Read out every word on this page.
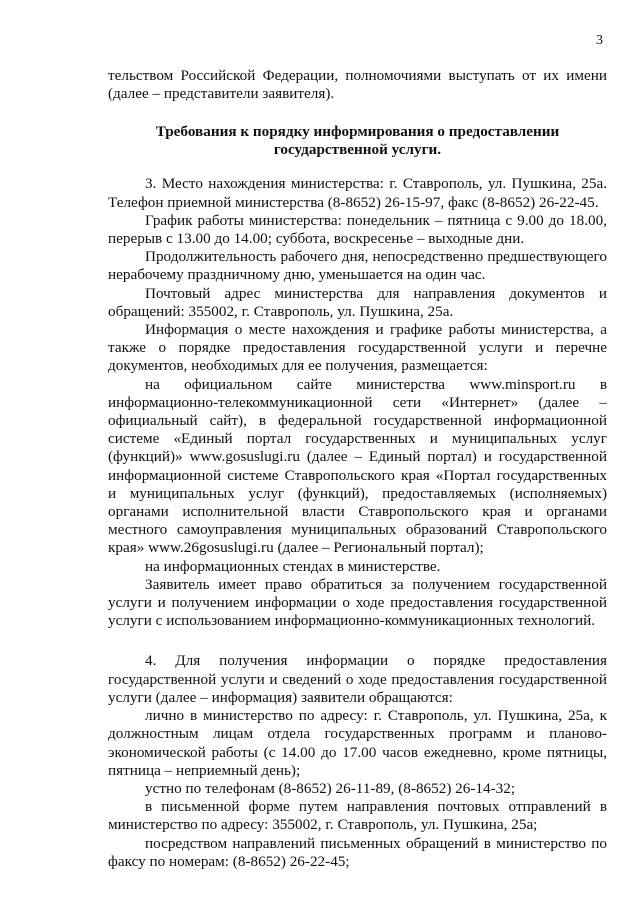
3

тельством Российской Федерации, полномочиями выступать от их имени (далее – представители заявителя).

Требования к порядку информирования о предоставлении государственной услуги.

3. Место нахождения министерства: г. Ставрополь, ул. Пушкина, 25а. Телефон приемной министерства (8-8652) 26-15-97, факс (8-8652) 26-22-45.

График работы министерства: понедельник – пятница с 9.00 до 18.00, перерыв с 13.00 до 14.00; суббота, воскресенье – выходные дни.

Продолжительность рабочего дня, непосредственно предшествующего нерабочему праздничному дню, уменьшается на один час.

Почтовый адрес министерства для направления документов и обращений: 355002, г. Ставрополь, ул. Пушкина, 25а.

Информация о месте нахождения и графике работы министерства, а также о порядке предоставления государственной услуги и перечне документов, необходимых для ее получения, размещается:

на официальном сайте министерства www.minsport.ru в информационно-телекоммуникационной сети «Интернет» (далее – официальный сайт), в федеральной государственной информационной системе «Единый портал государственных и муниципальных услуг (функций)» www.gosuslugi.ru (далее – Единый портал) и государственной информационной системе Ставропольского края «Портал государственных и муниципальных услуг (функций), предоставляемых (исполняемых) органами исполнительной власти Ставропольского края и органами местного самоуправления муниципальных образований Ставропольского края» www.26gosuslugi.ru (далее – Региональный портал);

на информационных стендах в министерстве.

Заявитель имеет право обратиться за получением государственной услуги и получением информации о ходе предоставления государственной услуги с использованием информационно-коммуникационных технологий.

4. Для получения информации о порядке предоставления государственной услуги и сведений о ходе предоставления государственной услуги (далее – информация) заявители обращаются:

лично в министерство по адресу: г. Ставрополь, ул. Пушкина, 25а, к должностным лицам отдела государственных программ и планово-экономической работы (с 14.00 до 17.00 часов ежедневно, кроме пятницы, пятница – неприемный день);

устно по телефонам (8-8652) 26-11-89, (8-8652) 26-14-32;

в письменной форме путем направления почтовых отправлений в министерство по адресу: 355002, г. Ставрополь, ул. Пушкина, 25а;

посредством направлений письменных обращений в министерство по факсу по номерам: (8-8652) 26-22-45;
